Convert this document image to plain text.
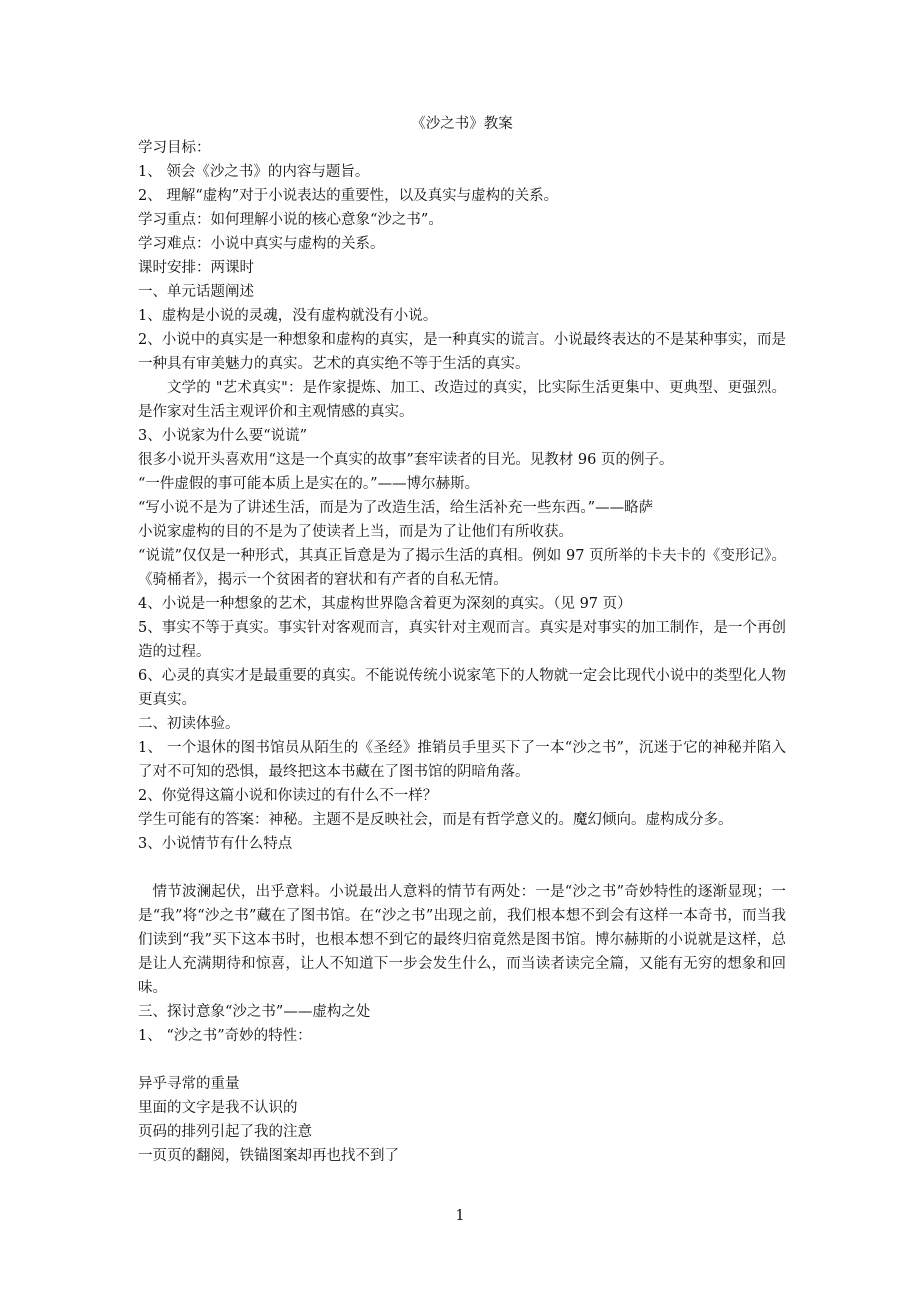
《沙之书》教案
学习目标：
1、 领会《沙之书》的内容与题旨。
2、 理解“虚构”对于小说表达的重要性，以及真实与虚构的关系。
学习重点：如何理解小说的核心意象“沙之书”。
学习难点：小说中真实与虚构的关系。
课时安排：两课时
一、单元话题阐述
1、虚构是小说的灵魂，没有虚构就没有小说。
2、小说中的真实是一种想象和虚构的真实，是一种真实的谎言。小说最终表达的不是某种事实，而是一种具有审美魅力的真实。艺术的真实绝不等于生活的真实。
文学的 "艺术真实"：是作家提炼、加工、改造过的真实，比实际生活更集中、更典型、更强烈。是作家对生活主观评价和主观情感的真实。
3、小说家为什么要“说谎”
很多小说开头喜欢用“这是一个真实的故事”套牢读者的目光。见教材 96 页的例子。
“一件虚假的事可能本质上是实在的。”——博尔赫斯。
“写小说不是为了讲述生活，而是为了改造生活，给生活补充一些东西。”——略萨
小说家虚构的目的不是为了使读者上当，而是为了让他们有所收获。
“说谎”仅仅是一种形式，其真正旨意是为了揭示生活的真相。例如 97 页所举的卡夫卡的《变形记》。《骑桶者》，揭示一个贫困者的窘状和有产者的自私无情。
4、小说是一种想象的艺术，其虚构世界隐含着更为深刻的真实。（见 97 页）
5、事实不等于真实。事实针对客观而言，真实针对主观而言。真实是对事实的加工制作，是一个再创造的过程。
6、心灵的真实才是最重要的真实。不能说传统小说家笔下的人物就一定会比现代小说中的类型化人物更真实。
二、初读体验。
1、 一个退休的图书馆员从陌生的《圣经》推销员手里买下了一本“沙之书”，沉迷于它的神秘并陷入了对不可知的恐惧，最终把这本书藏在了图书馆的阴暗角落。
2、你觉得这篇小说和你读过的有什么不一样？
学生可能有的答案：神秘。主题不是反映社会，而是有哲学意义的。魔幻倾向。虚构成分多。
3、小说情节有什么特点
情节波澜起伏，出乎意料。小说最出人意料的情节有两处：一是“沙之书”奇妙特性的逐渐显现；一是“我”将“沙之书”藏在了图书馆。在“沙之书”出现之前，我们根本想不到会有这样一本奇书，而当我们读到“我”买下这本书时，也根本想不到它的最终归宿竟然是图书馆。博尔赫斯的小说就是这样，总是让人充满期待和惊喜，让人不知道下一步会发生什么，而当读者读完全篇，又能有无穷的想象和回味。
三、探讨意象“沙之书”——虚构之处
1、 “沙之书”奇妙的特性：
异乎寻常的重量
里面的文字是我不认识的
页码的排列引起了我的注意
一页页的翻阅，铁锚图案却再也找不到了
1
